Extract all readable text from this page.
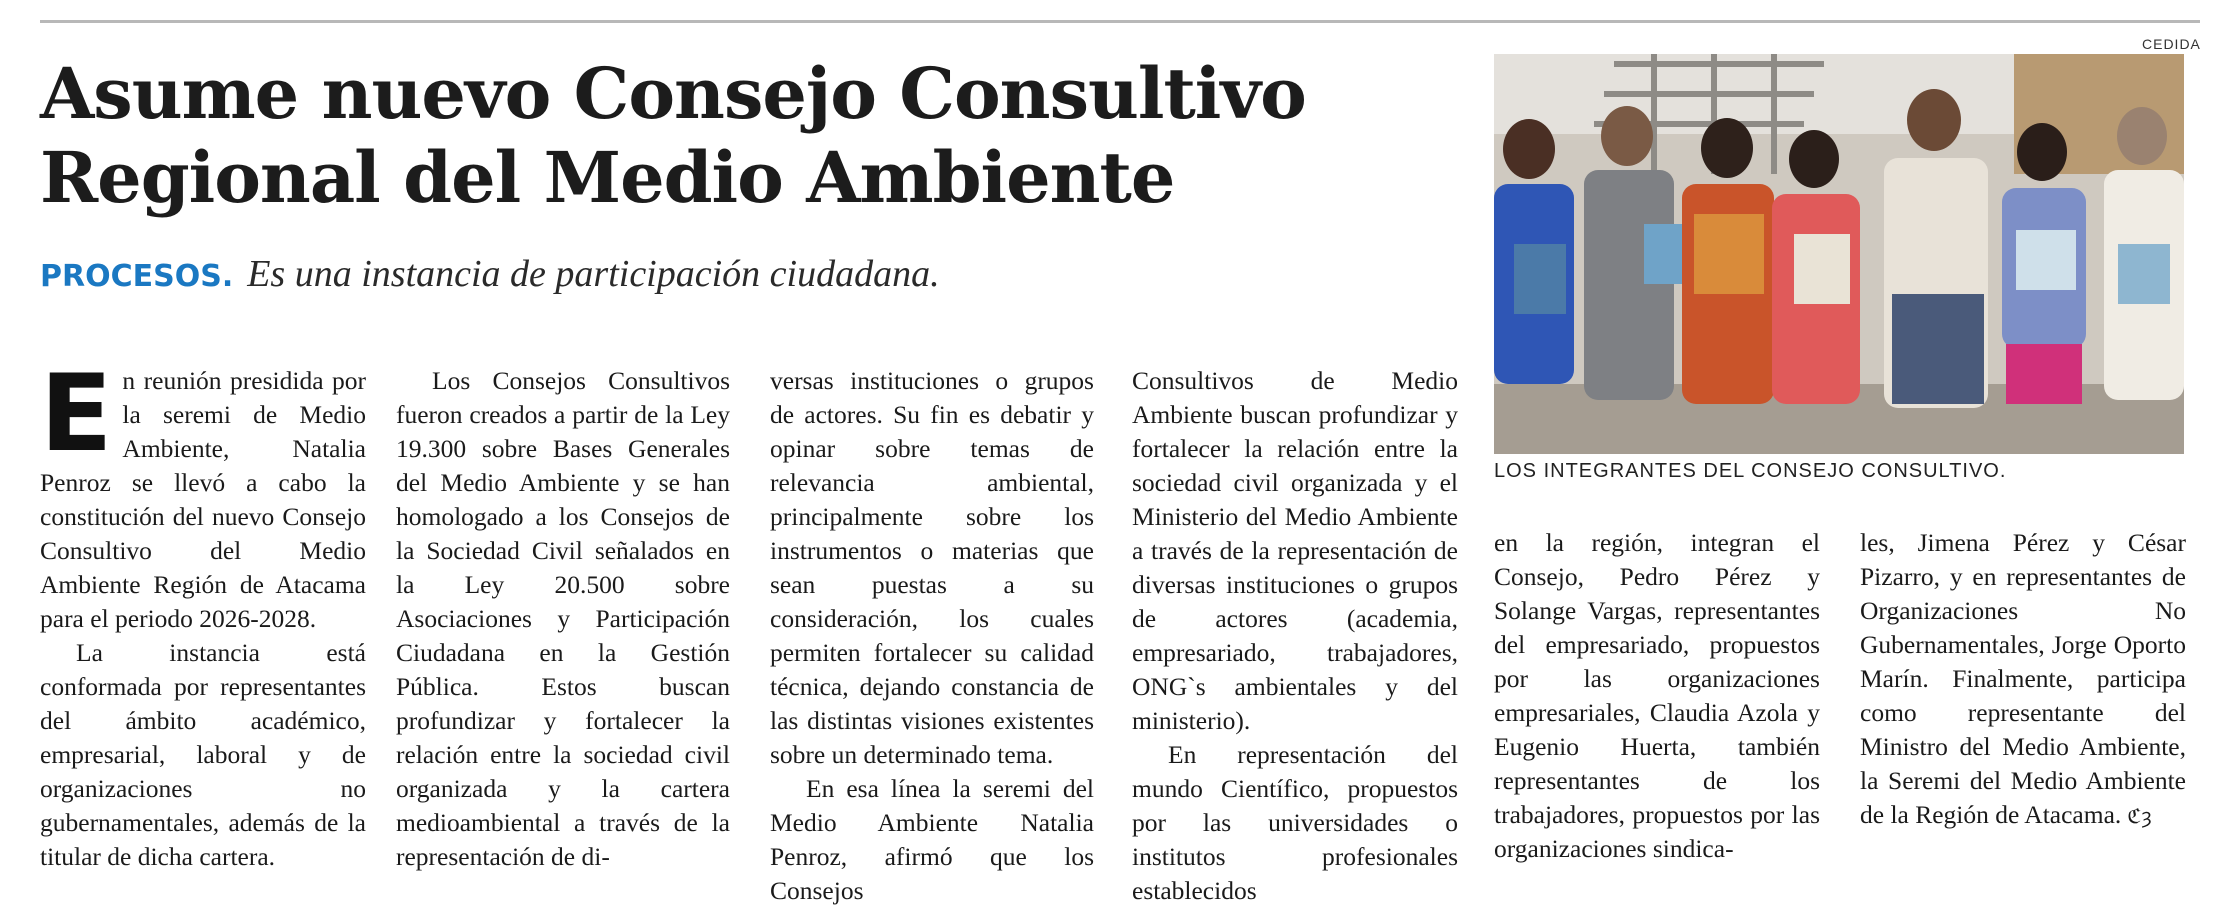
Asume nuevo Consejo Consultivo Regional del Medio Ambiente
PROCESOS. Es una instancia de participación ciudadana.

En reunión presidida por la seremi de Medio Ambiente, Natalia Penroz se llevó a cabo la constitución del nuevo Consejo Consultivo del Medio Ambiente Región de Atacama para el periodo 2026-2028.

La instancia está conformada por representantes del ámbito académico, empresarial, laboral y de organizaciones no gubernamentales, además de la titular de dicha cartera.

Los Consejos Consultivos fueron creados a partir de la Ley 19.300 sobre Bases Generales del Medio Ambiente y se han homologado a los Consejos de la Sociedad Civil señalados en la Ley 20.500 sobre Asociaciones y Participación Ciudadana en la Gestión Pública. Estos buscan profundizar y fortalecer la relación entre la sociedad civil organizada y la cartera medioambiental a través de la representación de di-

versas instituciones o grupos de actores. Su fin es debatir y opinar sobre temas de relevancia ambiental, principalmente sobre los instrumentos o materias que sean puestas a su consideración, los cuales permiten fortalecer su calidad técnica, dejando constancia de las distintas visiones existentes sobre un determinado tema.

En esa línea la seremi del Medio Ambiente Natalia Penroz, afirmó que los Consejos

Consultivos de Medio Ambiente buscan profundizar y fortalecer la relación entre la sociedad civil organizada y el Ministerio del Medio Ambiente a través de la representación de diversas instituciones o grupos de actores (academia, empresariado, trabajadores, ONG`s ambientales y del ministerio).

En representación del mundo Científico, propuestos por las universidades o institutos profesionales establecidos

en la región, integran el Consejo, Pedro Pérez y Solange Vargas, representantes del empresariado, propuestos por las organizaciones empresariales, Claudia Azola y Eugenio Huerta, también representantes de los trabajadores, propuestos por las organizaciones sindica-

les, Jimena Pérez y César Pizarro, y en representantes de Organizaciones No Gubernamentales, Jorge Oporto Marín. Finalmente, participa como representante del Ministro del Medio Ambiente, la Seremi del Medio Ambiente de la Región de Atacama. ℭȝ

CEDIDA
LOS INTEGRANTES DEL CONSEJO CONSULTIVO.
